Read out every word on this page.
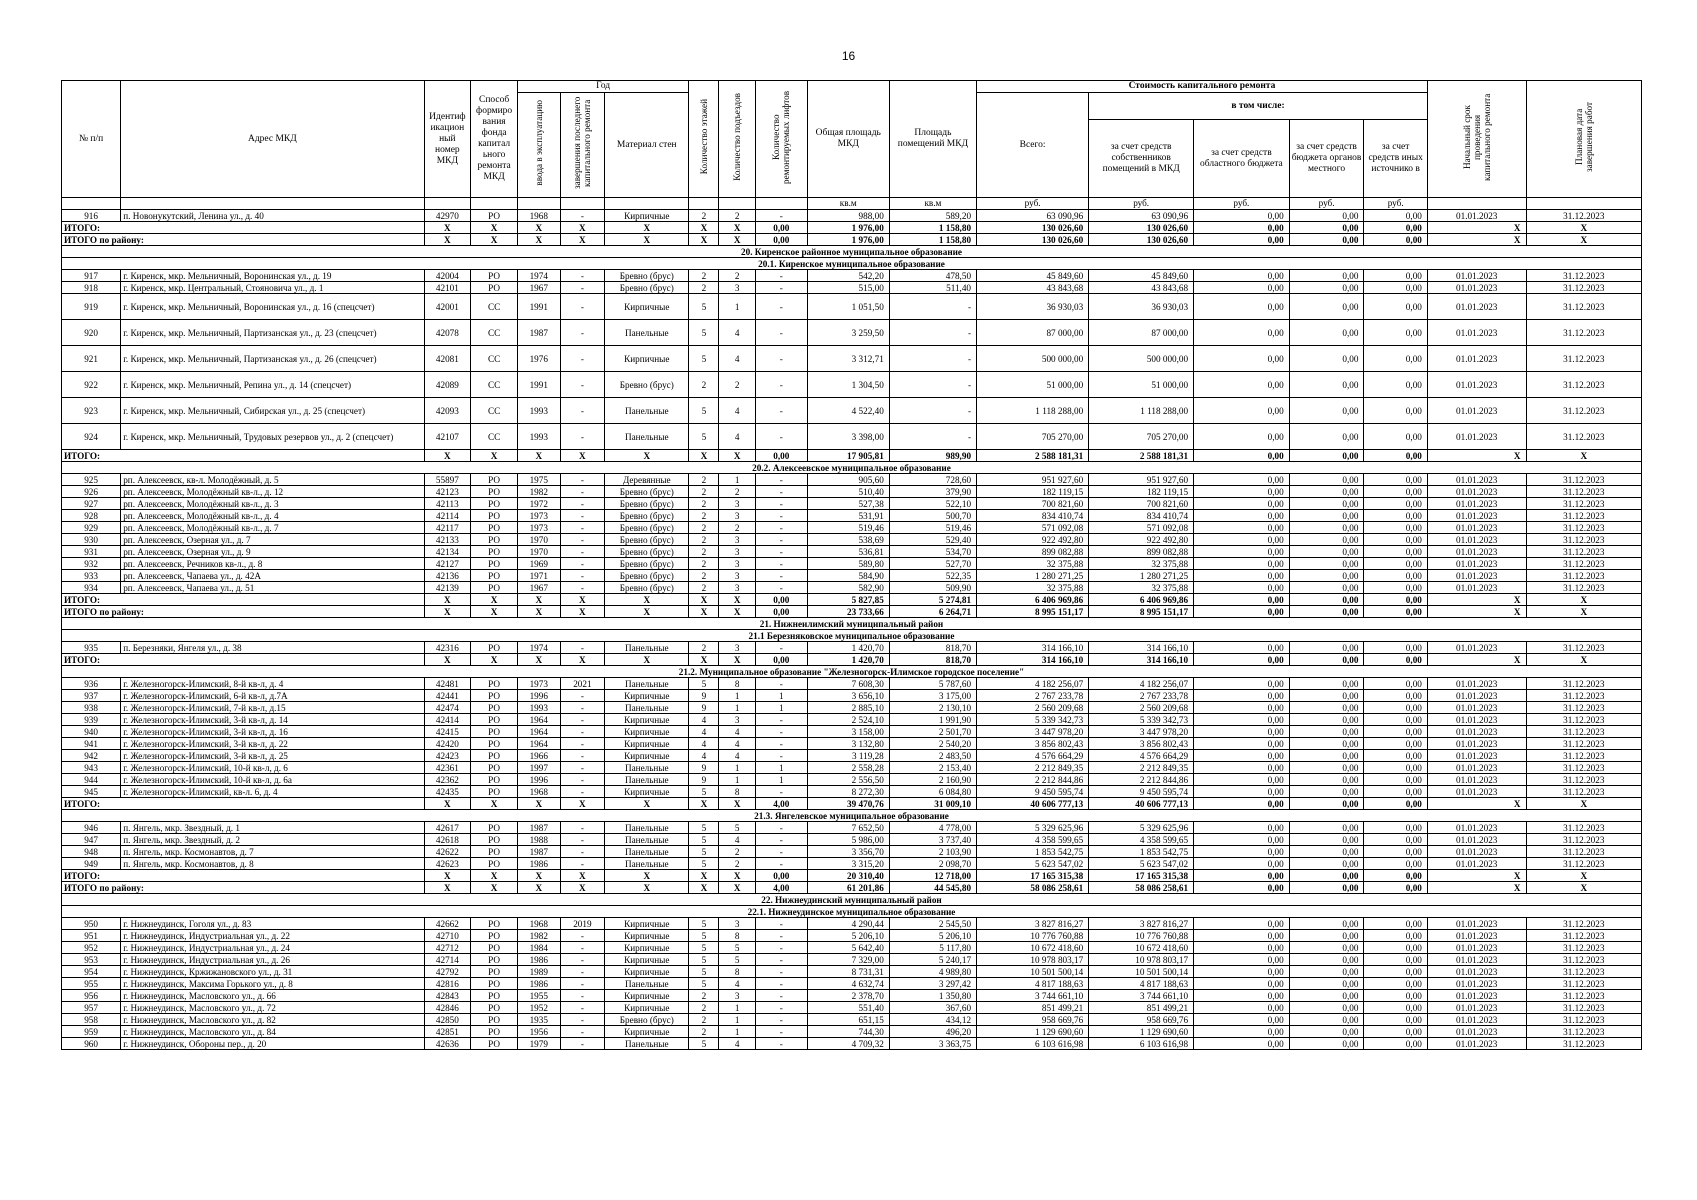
16
№ п/п	Адрес МКД	Идентиф икацион ный номер МКД	Способ формиро вания фонда капитал ьного ремонта МКД	Год			Количество этажей	Количество подъездов	Количество ремонтируемых лифтов	Общая площадь МКД	Площадь помещений МКД	Стоимость капитального ремонта					Начальный срок проведения капитального ремонта	Плановая дата завершения работ
				ввода в эксплуатацию	завершения последнего капитального ремонта	Материал стен						Всего:	в том числе:					
													за счет средств собственников помещений в МКД	за счет средств областного бюджета	за счет средств бюджета органов местного	за счет средств иных источнико в		
										кв.м	кв.м	руб.	руб.	руб.	руб.	руб.		
916	п. Новонукутский, Ленина ул., д. 40	42970	РО	1968	-	Кирпичные	2	2	-	988,00	589,20	63 090,96	63 090,96	0,00	0,00	0,00	01.01.2023	31.12.2023
ИТОГО:		X	X	X	X	X	X	X	0,00	1 976,00	1 158,80	130 026,60	130 026,60	0,00	0,00	0,00	X	X
ИТОГО по району:		X	X	X	X	X	X	X	0,00	1 976,00	1 158,80	130 026,60	130 026,60	0,00	0,00	0,00	X	X
20. Киренское районное муниципальное образование																		
20.1. Киренское муниципальное образование																		
917	г. Киренск, мкр. Мельничный, Воронинская ул., д. 19	42004	РО	1974	-	Бревно (брус)	2	2	-	542,20	478,50	45 849,60	45 849,60	0,00	0,00	0,00	01.01.2023	31.12.2023
918	г. Киренск, мкр. Центральный, Стояновича ул., д. 1	42101	РО	1967	-	Бревно (брус)	2	3	-	515,00	511,40	43 843,68	43 843,68	0,00	0,00	0,00	01.01.2023	31.12.2023
919	г. Киренск, мкр. Мельничный, Воронинская ул., д. 16 (спецсчет)	42001	СС	1991	-	Кирпичные	5	1	-	1 051,50	-	36 930,03	36 930,03	0,00	0,00	0,00	01.01.2023	31.12.2023
920	г. Киренск, мкр. Мельничный, Партизанская ул., д. 23 (спецсчет)	42078	СС	1987	-	Панельные	5	4	-	3 259,50	-	87 000,00	87 000,00	0,00	0,00	0,00	01.01.2023	31.12.2023
921	г. Киренск, мкр. Мельничный, Партизанская ул., д. 26 (спецсчет)	42081	СС	1976	-	Кирпичные	5	4	-	3 312,71	-	500 000,00	500 000,00	0,00	0,00	0,00	01.01.2023	31.12.2023
922	г. Киренск, мкр. Мельничный, Репина ул., д. 14 (спецсчет)	42089	СС	1991	-	Бревно (брус)	2	2	-	1 304,50	-	51 000,00	51 000,00	0,00	0,00	0,00	01.01.2023	31.12.2023
923	г. Киренск, мкр. Мельничный, Сибирская ул., д. 25 (спецсчет)	42093	СС	1993	-	Панельные	5	4	-	4 522,40	-	1 118 288,00	1 118 288,00	0,00	0,00	0,00	01.01.2023	31.12.2023
924	г. Киренск, мкр. Мельничный, Трудовых резервов ул., д. 2 (спецсчет)	42107	СС	1993	-	Панельные	5	4	-	3 398,00	-	705 270,00	705 270,00	0,00	0,00	0,00	01.01.2023	31.12.2023
ИТОГО:		X	X	X	X	X	X	X	0,00	17 905,81	989,90	2 588 181,31	2 588 181,31	0,00	0,00	0,00	X	X
20.2. Алексеевское муниципальное образование																		
925	рп. Алексеевск, кв-л. Молодёжный, д. 5	55897	РО	1975	-	Деревянные	2	1	-	905,60	728,60	951 927,60	951 927,60	0,00	0,00	0,00	01.01.2023	31.12.2023
926	рп. Алексеевск, Молодёжный кв-л., д. 12	42123	РО	1982	-	Бревно (брус)	2	2	-	510,40	379,90	182 119,15	182 119,15	0,00	0,00	0,00	01.01.2023	31.12.2023
927	рп. Алексеевск, Молодёжный кв-л., д. 3	42113	РО	1972	-	Бревно (брус)	2	3	-	527,38	522,10	700 821,60	700 821,60	0,00	0,00	0,00	01.01.2023	31.12.2023
928	рп. Алексеевск, Молодёжный кв-л., д. 4	42114	РО	1973	-	Бревно (брус)	2	3	-	531,91	500,70	834 410,74	834 410,74	0,00	0,00	0,00	01.01.2023	31.12.2023
929	рп. Алексеевск, Молодёжный кв-л., д. 7	42117	РО	1973	-	Бревно (брус)	2	2	-	519,46	519,46	571 092,08	571 092,08	0,00	0,00	0,00	01.01.2023	31.12.2023
930	рп. Алексеевск, Озерная ул., д. 7	42133	РО	1970	-	Бревно (брус)	2	3	-	538,69	529,40	922 492,80	922 492,80	0,00	0,00	0,00	01.01.2023	31.12.2023
931	рп. Алексеевск, Озерная ул., д. 9	42134	РО	1970	-	Бревно (брус)	2	3	-	536,81	534,70	899 082,88	899 082,88	0,00	0,00	0,00	01.01.2023	31.12.2023
932	рп. Алексеевск, Речников кв-л., д. 8	42127	РО	1969	-	Бревно (брус)	2	3	-	589,80	527,70	32 375,88	32 375,88	0,00	0,00	0,00	01.01.2023	31.12.2023
933	рп. Алексеевск, Чапаева ул., д. 42А	42136	РО	1971	-	Бревно (брус)	2	3	-	584,90	522,35	1 280 271,25	1 280 271,25	0,00	0,00	0,00	01.01.2023	31.12.2023
934	рп. Алексеевск, Чапаева ул., д. 51	42139	РО	1967	-	Бревно (брус)	2	3	-	582,90	509,90	32 375,88	32 375,88	0,00	0,00	0,00	01.01.2023	31.12.2023
ИТОГО:		X	X	X	X	X	X	X	0,00	5 827,85	5 274,81	6 406 969,86	6 406 969,86	0,00	0,00	0,00	X	X
ИТОГО по району:		X	X	X	X	X	X	X	0,00	23 733,66	6 264,71	8 995 151,17	8 995 151,17	0,00	0,00	0,00	X	X
21. Нижнеилимский муниципальный район																		
21.1 Березняковское муниципальное образование																		
935	п. Березняки, Янгеля ул., д. 38	42316	РО	1974	-	Панельные	2	3	-	1 420,70	818,70	314 166,10	314 166,10	0,00	0,00	0,00	01.01.2023	31.12.2023
ИТОГО:		X	X	X	X	X	X	X	0,00	1 420,70	818,70	314 166,10	314 166,10	0,00	0,00	0,00	X	X
21.2. Муниципальное образование "Железногорск-Илимское городское поселение"																		
936	г. Железногорск-Илимский, 8-й кв-л, д. 4	42481	РО	1973	2021	Панельные	5	8	-	7 608,30	5 787,60	4 182 256,07	4 182 256,07	0,00	0,00	0,00	01.01.2023	31.12.2023
937	г. Железногорск-Илимский, 6-й кв-л, д.7А	42441	РО	1996	-	Кирпичные	9	1	1	3 656,10	3 175,00	2 767 233,78	2 767 233,78	0,00	0,00	0,00	01.01.2023	31.12.2023
938	г. Железногорск-Илимский, 7-й кв-л, д.15	42474	РО	1993	-	Панельные	9	1	1	2 885,10	2 130,10	2 560 209,68	2 560 209,68	0,00	0,00	0,00	01.01.2023	31.12.2023
939	г. Железногорск-Илимский, 3-й кв-л, д. 14	42414	РО	1964	-	Кирпичные	4	3	-	2 524,10	1 991,90	5 339 342,73	5 339 342,73	0,00	0,00	0,00	01.01.2023	31.12.2023
940	г. Железногорск-Илимский, 3-й кв-л, д. 16	42415	РО	1964	-	Кирпичные	4	4	-	3 158,00	2 501,70	3 447 978,20	3 447 978,20	0,00	0,00	0,00	01.01.2023	31.12.2023
941	г. Железногорск-Илимский, 3-й кв-л, д. 22	42420	РО	1964	-	Кирпичные	4	4	-	3 132,80	2 540,20	3 856 802,43	3 856 802,43	0,00	0,00	0,00	01.01.2023	31.12.2023
942	г. Железногорск-Илимский, 3-й кв-л, д. 25	42423	РО	1966	-	Кирпичные	4	4	-	3 119,28	2 483,50	4 576 664,29	4 576 664,29	0,00	0,00	0,00	01.01.2023	31.12.2023
943	г. Железногорск-Илимский, 10-й кв-л, д. 6	42361	РО	1997	-	Панельные	9	1	1	2 558,28	2 153,40	2 212 849,35	2 212 849,35	0,00	0,00	0,00	01.01.2023	31.12.2023
944	г. Железногорск-Илимский, 10-й кв-л, д. 6а	42362	РО	1996	-	Панельные	9	1	1	2 556,50	2 160,90	2 212 844,86	2 212 844,86	0,00	0,00	0,00	01.01.2023	31.12.2023
945	г. Железногорск-Илимский, кв-л. 6, д. 4	42435	РО	1968	-	Кирпичные	5	8	-	8 272,30	6 084,80	9 450 595,74	9 450 595,74	0,00	0,00	0,00	01.01.2023	31.12.2023
ИТОГО:		X	X	X	X	X	X	X	4,00	39 470,76	31 009,10	40 606 777,13	40 606 777,13	0,00	0,00	0,00	X	X
21.3. Янгелевское муниципальное образование																		
946	п. Янгель, мкр. Звездный, д. 1	42617	РО	1987	-	Панельные	5	5	-	7 652,50	4 778,00	5 329 625,96	5 329 625,96	0,00	0,00	0,00	01.01.2023	31.12.2023
947	п. Янгель, мкр. Звездный, д. 2	42618	РО	1988	-	Панельные	5	4	-	5 986,00	3 737,40	4 358 599,65	4 358 599,65	0,00	0,00	0,00	01.01.2023	31.12.2023
948	п. Янгель, мкр. Космонавтов, д. 7	42622	РО	1987	-	Панельные	5	2	-	3 356,70	2 103,90	1 853 542,75	1 853 542,75	0,00	0,00	0,00	01.01.2023	31.12.2023
949	п. Янгель, мкр. Космонавтов, д. 8	42623	РО	1986	-	Панельные	5	2	-	3 315,20	2 098,70	5 623 547,02	5 623 547,02	0,00	0,00	0,00	01.01.2023	31.12.2023
ИТОГО:		X	X	X	X	X	X	X	0,00	20 310,40	12 718,00	17 165 315,38	17 165 315,38	0,00	0,00	0,00	X	X
ИТОГО по району:		X	X	X	X	X	X	X	4,00	61 201,86	44 545,80	58 086 258,61	58 086 258,61	0,00	0,00	0,00	X	X
22. Нижнеудинский муниципальный район																		
22.1. Нижнеудинское муниципальное образование																		
950	г. Нижнеудинск, Гоголя ул., д. 83	42662	РО	1968	2019	Кирпичные	5	3	-	4 290,44	2 545,50	3 827 816,27	3 827 816,27	0,00	0,00	0,00	01.01.2023	31.12.2023
951	г. Нижнеудинск, Индустриальная ул., д. 22	42710	РО	1982	-	Кирпичные	5	8	-	5 206,10	5 206,10	10 776 760,88	10 776 760,88	0,00	0,00	0,00	01.01.2023	31.12.2023
952	г. Нижнеудинск, Индустриальная ул., д. 24	42712	РО	1984	-	Кирпичные	5	5	-	5 642,40	5 117,80	10 672 418,60	10 672 418,60	0,00	0,00	0,00	01.01.2023	31.12.2023
953	г. Нижнеудинск, Индустриальная ул., д. 26	42714	РО	1986	-	Кирпичные	5	5	-	7 329,00	5 240,17	10 978 803,17	10 978 803,17	0,00	0,00	0,00	01.01.2023	31.12.2023
954	г. Нижнеудинск, Кржижановского ул., д. 31	42792	РО	1989	-	Кирпичные	5	8	-	8 731,31	4 989,80	10 501 500,14	10 501 500,14	0,00	0,00	0,00	01.01.2023	31.12.2023
955	г. Нижнеудинск, Максима Горького ул., д. 8	42816	РО	1986	-	Панельные	5	4	-	4 632,74	3 297,42	4 817 188,63	4 817 188,63	0,00	0,00	0,00	01.01.2023	31.12.2023
956	г. Нижнеудинск, Масловского ул., д. 66	42843	РО	1955	-	Кирпичные	2	3	-	2 378,70	1 350,80	3 744 661,10	3 744 661,10	0,00	0,00	0,00	01.01.2023	31.12.2023
957	г. Нижнеудинск, Масловского ул., д. 72	42846	РО	1952	-	Кирпичные	2	1	-	551,40	367,60	851 499,21	851 499,21	0,00	0,00	0,00	01.01.2023	31.12.2023
958	г. Нижнеудинск, Масловского ул., д. 82	42850	РО	1935	-	Бревно (брус)	2	1	-	651,15	434,12	958 669,76	958 669,76	0,00	0,00	0,00	01.01.2023	31.12.2023
959	г. Нижнеудинск, Масловского ул., д. 84	42851	РО	1956	-	Кирпичные	2	1	-	744,30	496,20	1 129 690,60	1 129 690,60	0,00	0,00	0,00	01.01.2023	31.12.2023
960	г. Нижнеудинск, Обороны пер., д. 20	42636	РО	1979	-	Панельные	5	4	-	4 709,32	3 363,75	6 103 616,98	6 103 616,98	0,00	0,00	0,00	01.01.2023	31.12.2023
